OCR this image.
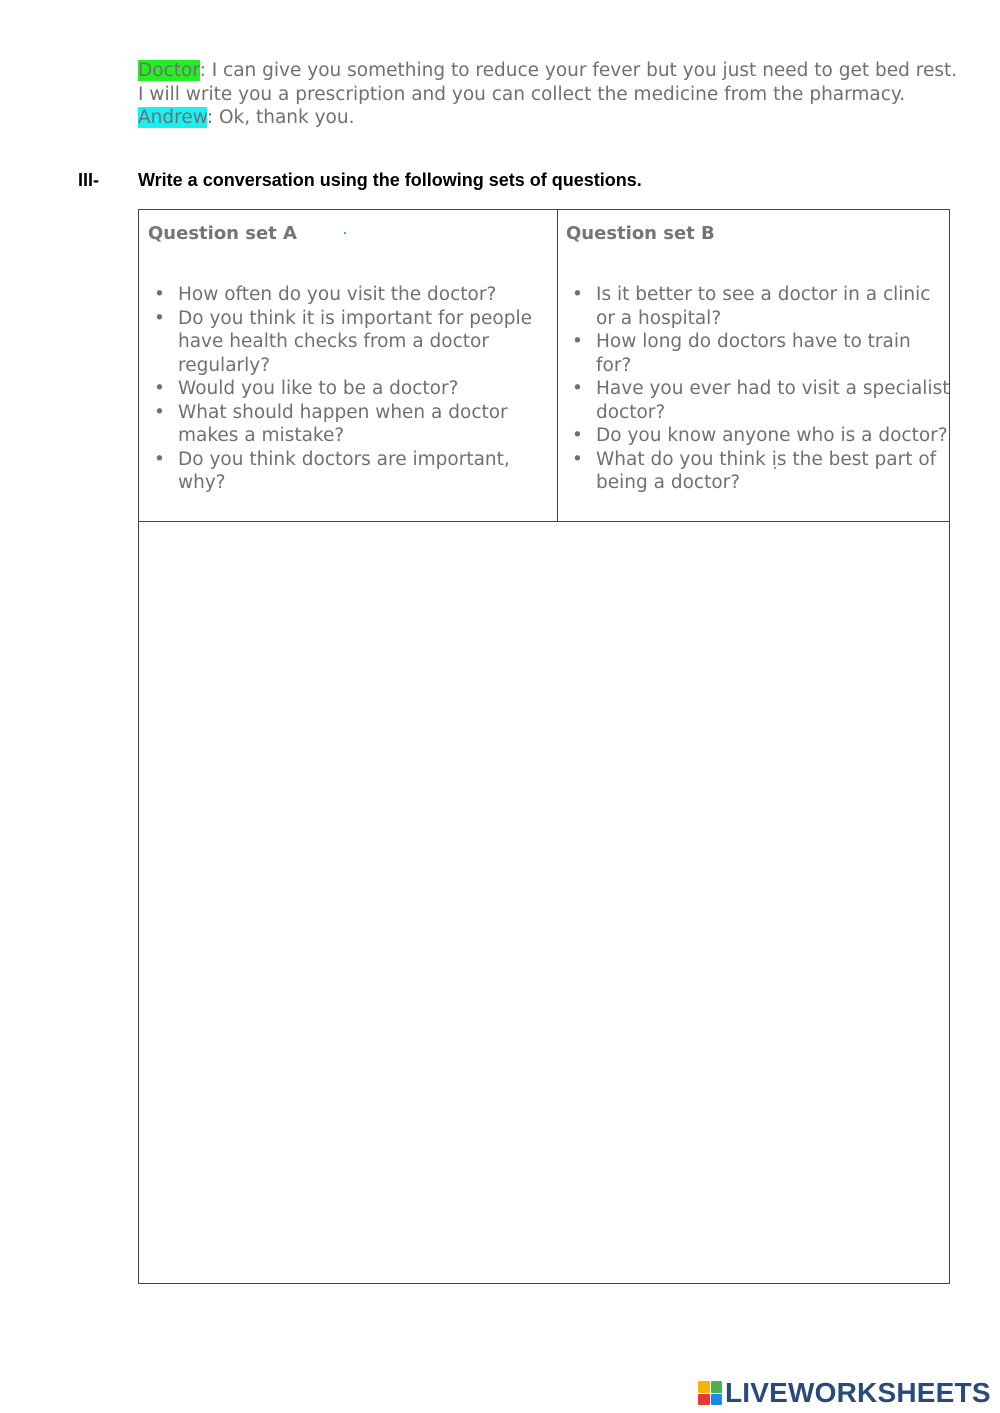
Doctor: I can give you something to reduce your fever but you just need to get bed rest.
I will write you a prescription and you can collect the medicine from the pharmacy.
Andrew: Ok, thank you.
III- Write a conversation using the following sets of questions.
Question set A
• How often do you visit the doctor?
• Do you think it is important for people have health checks from a doctor regularly?
• Would you like to be a doctor?
• What should happen when a doctor makes a mistake?
• Do you think doctors are important, why?
Question set B
• Is it better to see a doctor in a clinic or a hospital?
• How long do doctors have to train for?
• Have you ever had to visit a specialist doctor?
• Do you know anyone who is a doctor?
• What do you think is the best part of being a doctor?
LIVEWORKSHEETS
